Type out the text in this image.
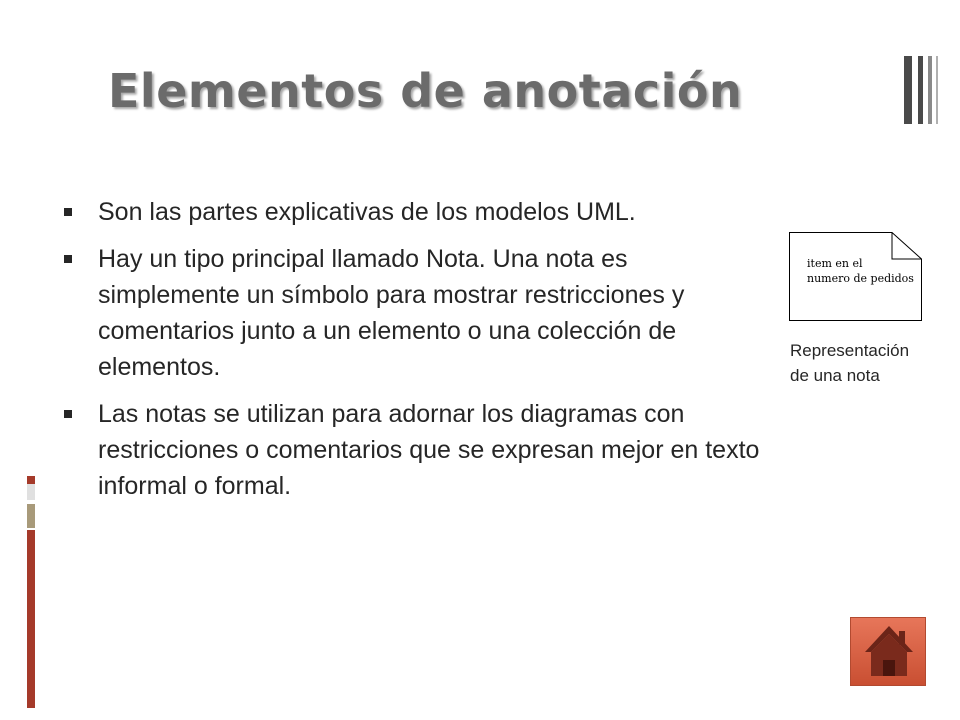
Elementos de anotación
Son las partes explicativas de los modelos UML.
Hay un tipo principal llamado Nota. Una nota es simplemente un símbolo para mostrar restricciones y comentarios junto a un elemento o una colección de elementos.
Las notas se utilizan para adornar los diagramas con restricciones o comentarios que se expresan mejor en texto informal o formal.
item en el
numero de pedidos
Representación
de una nota
